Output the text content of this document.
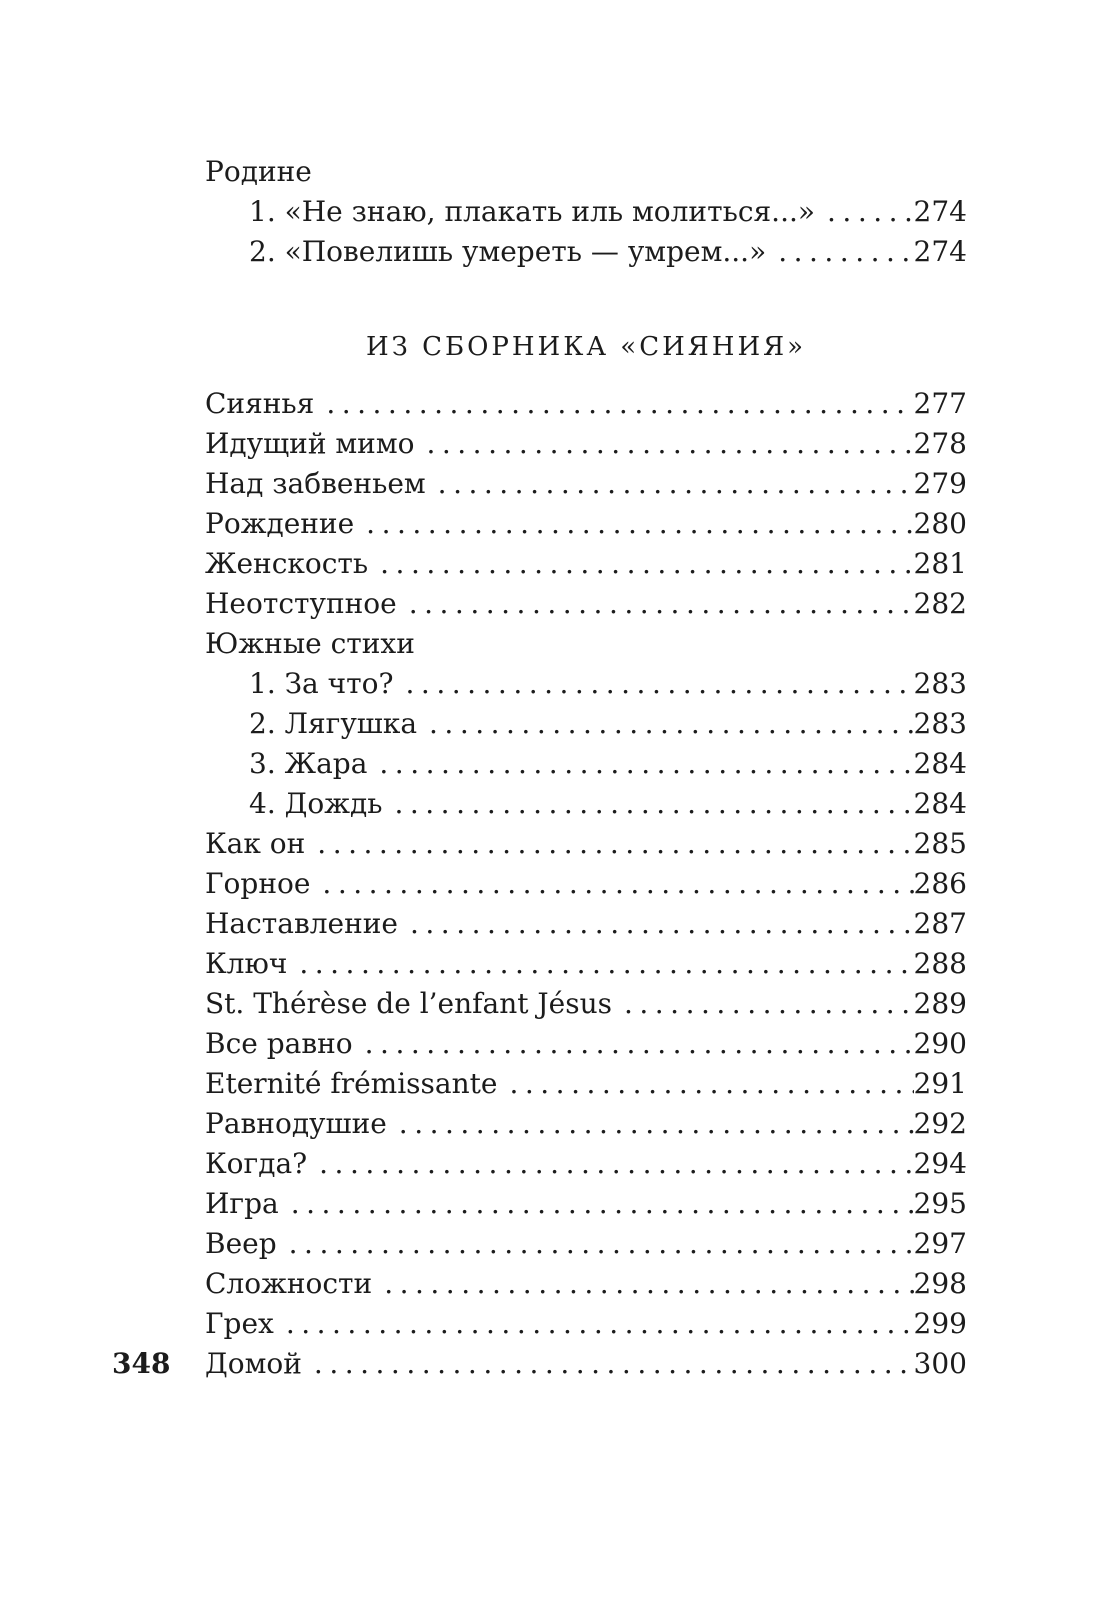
Родине
1. «Не знаю, плакать иль молиться...» .....	274
2. «Повелишь умереть — умрем...» .....	274
ИЗ СБОРНИКА «СИЯНИЯ»
Сиянья .....	277
Идущий мимо .....	278
Над забвеньем .....	279
Рождение .....	280
Женскость .....	281
Неотступное .....	282
Южные стихи
1. За что? .....	283
2. Лягушка .....	283
3. Жара .....	284
4. Дождь .....	284
Как он .....	285
Горное .....	286
Наставление .....	287
Ключ .....	288
St. Thérèse de l’enfant Jésus .....	289
Все равно .....	290
Eternité frémissante .....	291
Равнодушие .....	292
Когда? .....	294
Игра .....	295
Веер .....	297
Сложности .....	298
Грех .....	299
Домой .....	300
348
